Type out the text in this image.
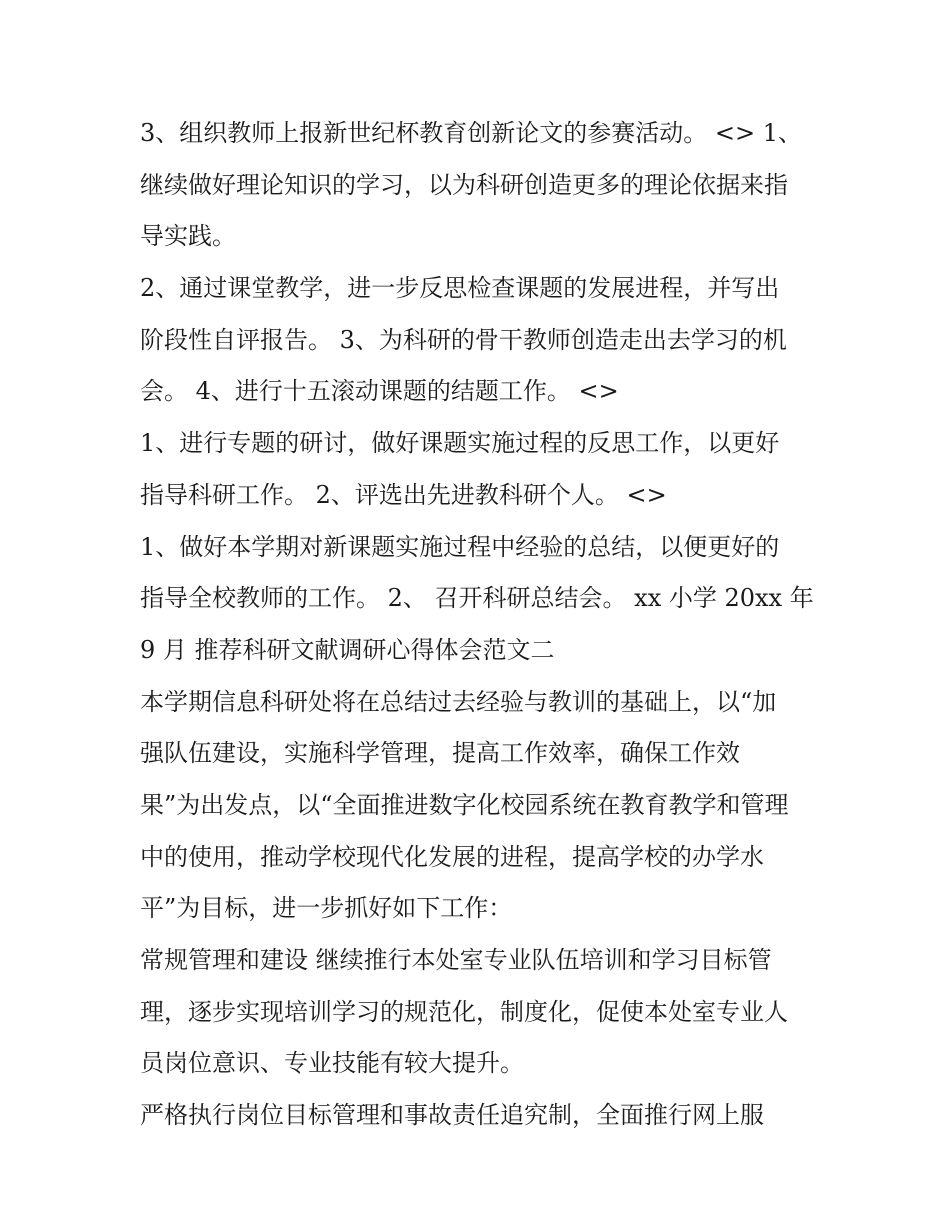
3、组织教师上报新世纪杯教育创新论文的参赛活动。 <> 1、
继续做好理论知识的学习，以为科研创造更多的理论依据来指
导实践。
2、通过课堂教学，进一步反思检查课题的发展进程，并写出
阶段性自评报告。 3、为科研的骨干教师创造走出去学习的机
会。 4、进行十五滚动课题的结题工作。 <>
1、进行专题的研讨，做好课题实施过程的反思工作，以更好
指导科研工作。 2、评选出先进教科研个人。 <>
1、做好本学期对新课题实施过程中经验的总结，以便更好的
指导全校教师的工作。 2、 召开科研总结会。 xx 小学 20xx 年
9 月 推荐科研文献调研心得体会范文二
本学期信息科研处将在总结过去经验与教训的基础上，以“加
强队伍建设，实施科学管理，提高工作效率，确保工作效
果”为出发点，以“全面推进数字化校园系统在教育教学和管理
中的使用，推动学校现代化发展的进程，提高学校的办学水
平”为目标，进一步抓好如下工作：
常规管理和建设 继续推行本处室专业队伍培训和学习目标管
理，逐步实现培训学习的规范化，制度化，促使本处室专业人
员岗位意识、专业技能有较大提升。
严格执行岗位目标管理和事故责任追究制，全面推行网上服
